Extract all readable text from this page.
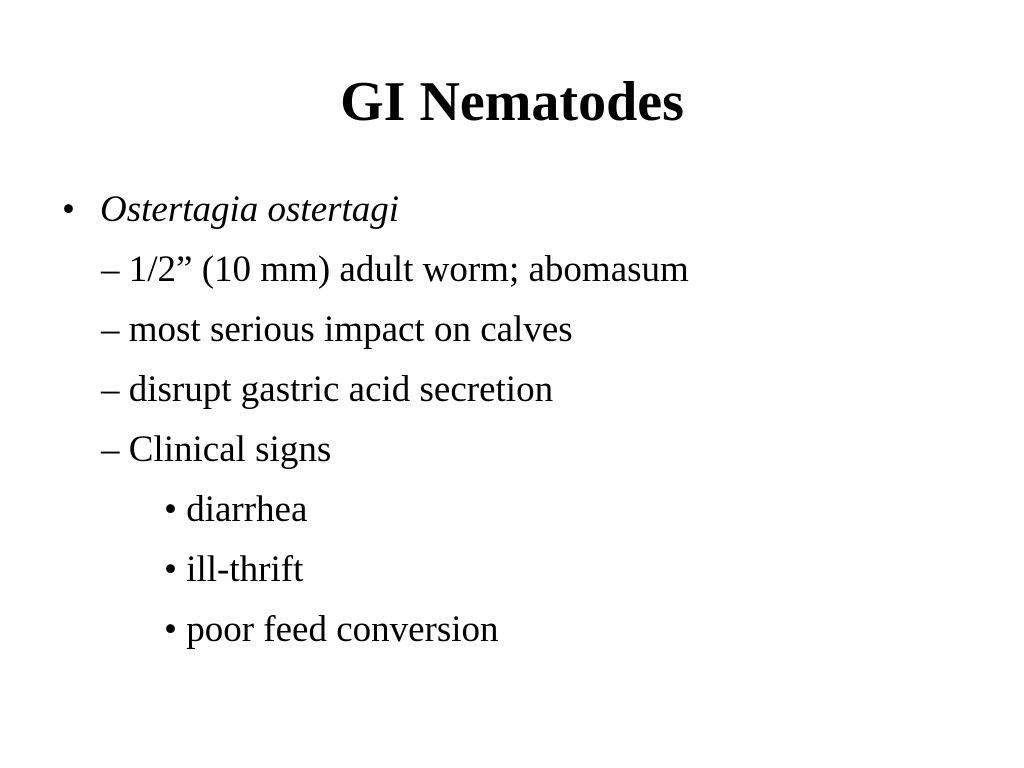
GI Nematodes
• Ostertagia ostertagi
– 1/2” (10 mm) adult worm; abomasum
– most serious impact on calves
– disrupt gastric acid secretion
– Clinical signs
• diarrhea
• ill-thrift
• poor feed conversion
